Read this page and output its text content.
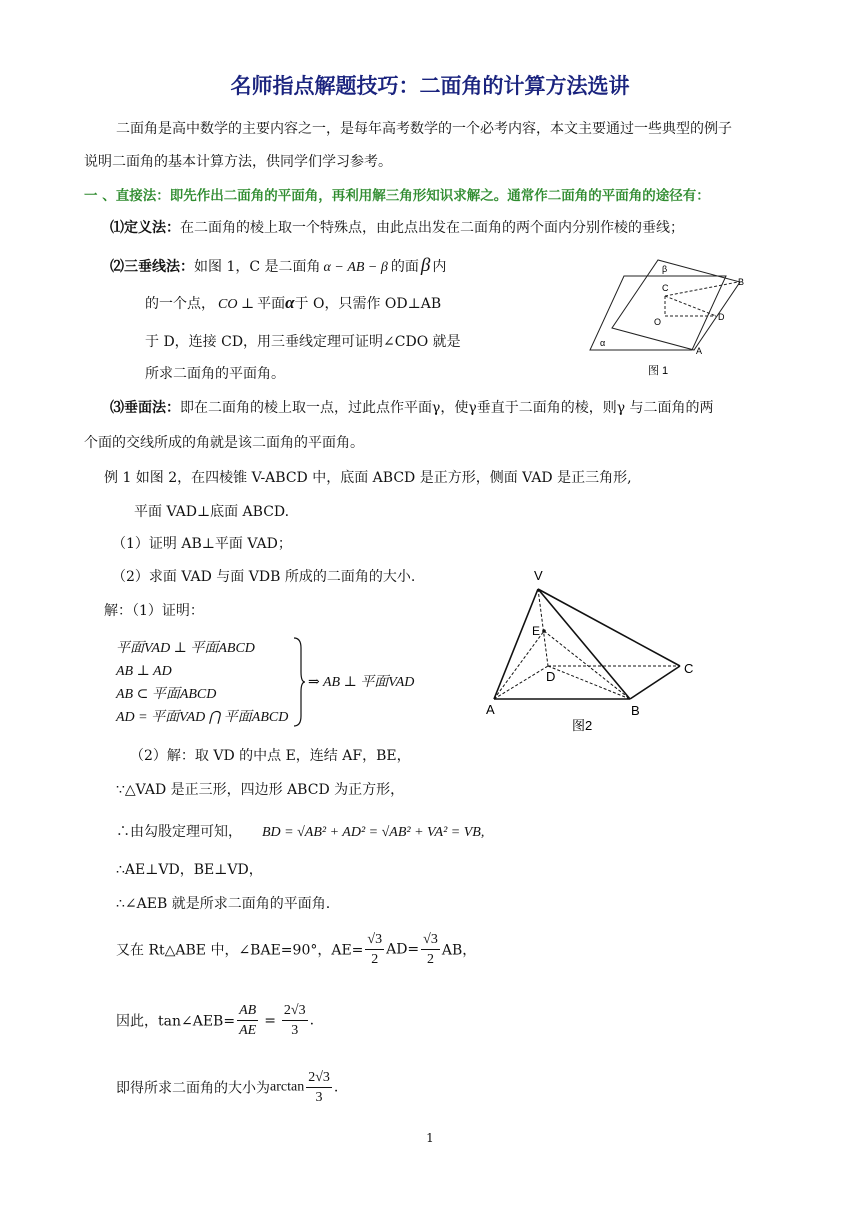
名师指点解题技巧：二面角的计算方法选讲
二面角是高中数学的主要内容之一，是每年高考数学的一个必考内容，本文主要通过一些典型的例子
说明二面角的基本计算方法，供同学们学习参考。
一 、直接法：即先作出二面角的平面角，再利用解三角形知识求解之。通常作二面角的平面角的途径有：
⑴定义法：在二面角的棱上取一个特殊点，由此点出发在二面角的两个面内分别作棱的垂线；
⑵三垂线法：如图 1，C 是二面角 α − AB − β 的面 β 内
的一个点， CO ⊥ 平面α于 O，只需作 OD⊥AB
于 D，连接 CD，用三垂线定理可证明∠CDO 就是
所求二面角的平面角。
β
B
C
O	D
A
α
图 1
⑶垂面法：即在二面角的棱上取一点，过此点作平面γ，使γ垂直于二面角的棱，则γ 与二面角的两
个面的交线所成的角就是该二面角的平面角。
例 1 如图 2，在四棱锥 V-ABCD 中，底面 ABCD 是正方形，侧面 VAD 是正三角形,
平面 VAD⊥底面 ABCD.
（1）证明 AB⊥平面 VAD；
（2）求面 VAD 与面 VDB 所成的二面角的大小.
解：（1）证明：
平面VAD ⊥ 平面ABCD
AB ⊥ AD
AB ⊂ 平面ABCD
AD = 平面VAD ⋂ 平面ABCD
⇒ AB ⊥ 平面VAD
V
E
C
D
A	B
图2
（2）解：取 VD 的中点 E，连结 AF，BE，
∵△VAD 是正三形，四边形 ABCD 为正方形，
∴由勾股定理可知， BD = √AB² + AD² = √AB² + VA² = VB,
∴AE⊥VD，BE⊥VD，
∴∠AEB 就是所求二面角的平面角.
又在 Rt△ABE 中，∠BAE=90°，$AE= \frac{√3}{2} AD= \frac{√3}{2}$ AB，
因此，tan∠AEB= $\frac{AB}{AE} = \frac{2√3}{3}$ .
即得所求二面角的大小为$\arctan \frac{2√3}{3}$ .
1
